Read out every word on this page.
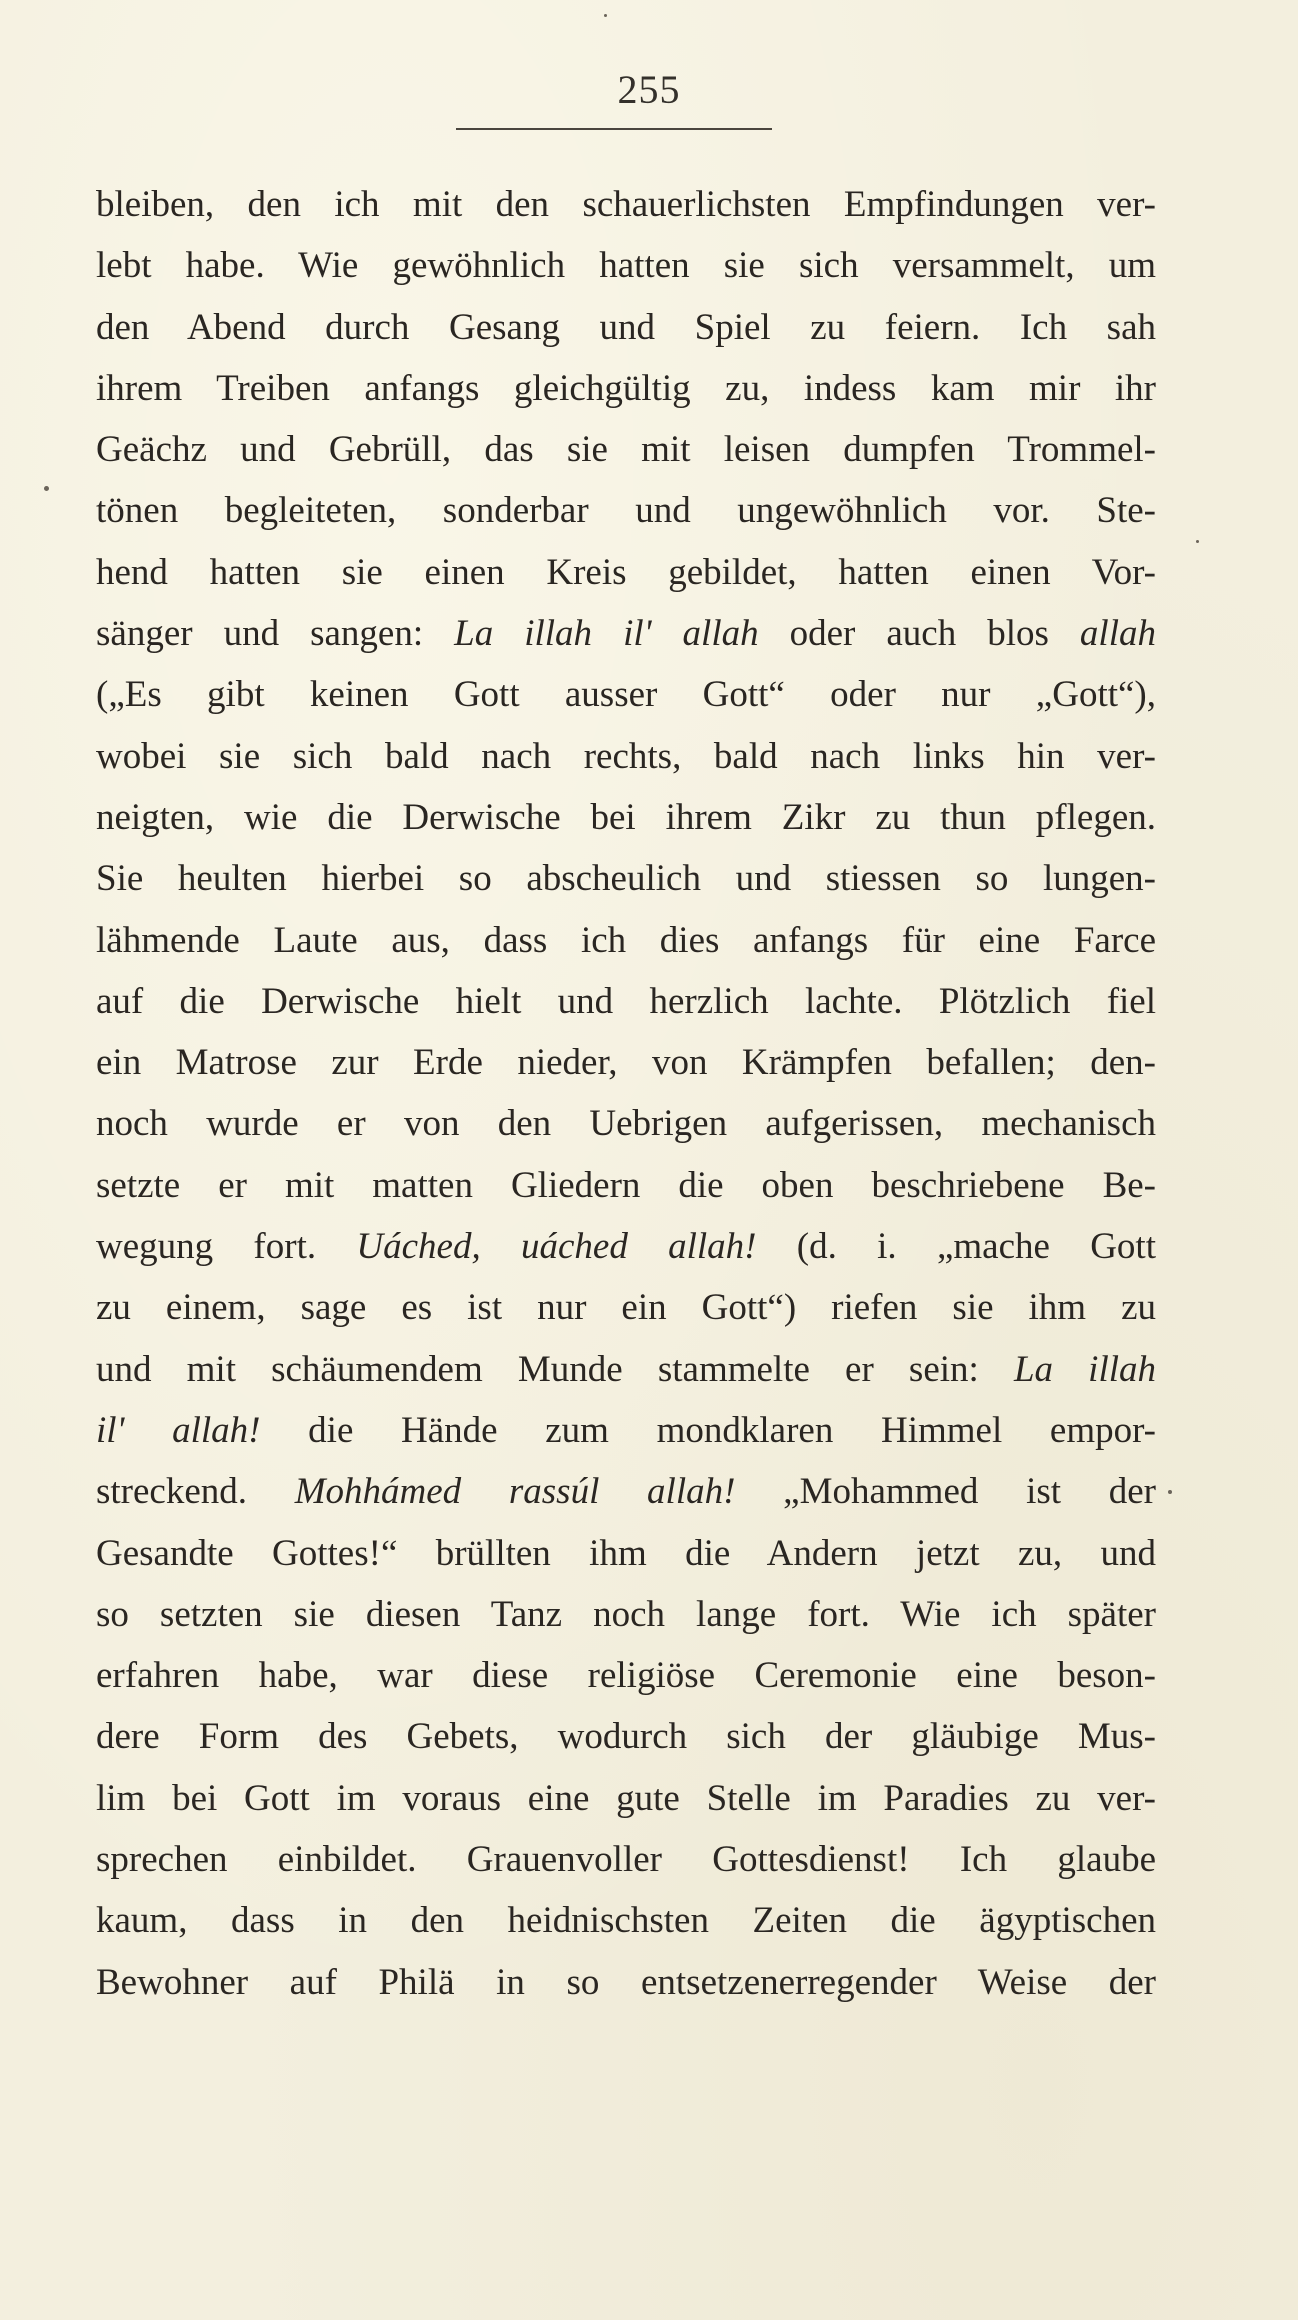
255
bleiben, den ich mit den schauerlichsten Empfindungen ver-
lebt habe. Wie gewöhnlich hatten sie sich versammelt, um
den Abend durch Gesang und Spiel zu feiern. Ich sah
ihrem Treiben anfangs gleichgültig zu, indess kam mir ihr
Geächz und Gebrüll, das sie mit leisen dumpfen Trommel-
tönen begleiteten, sonderbar und ungewöhnlich vor. Ste-
hend hatten sie einen Kreis gebildet, hatten einen Vor-
sänger und sangen: La illah il' allah oder auch blos allah
(„Es gibt keinen Gott ausser Gott“ oder nur „Gott“),
wobei sie sich bald nach rechts, bald nach links hin ver-
neigten, wie die Derwische bei ihrem Zikr zu thun pflegen.
Sie heulten hierbei so abscheulich und stiessen so lungen-
lähmende Laute aus, dass ich dies anfangs für eine Farce
auf die Derwische hielt und herzlich lachte. Plötzlich fiel
ein Matrose zur Erde nieder, von Krämpfen befallen; den-
noch wurde er von den Uebrigen aufgerissen, mechanisch
setzte er mit matten Gliedern die oben beschriebene Be-
wegung fort. Uáched, uáched allah! (d. i. „mache Gott
zu einem, sage es ist nur ein Gott“) riefen sie ihm zu
und mit schäumendem Munde stammelte er sein: La illah
il' allah! die Hände zum mondklaren Himmel empor-
streckend. Mohhámed rassúl allah! „Mohammed ist der
Gesandte Gottes!“ brüllten ihm die Andern jetzt zu, und
so setzten sie diesen Tanz noch lange fort. Wie ich später
erfahren habe, war diese religiöse Ceremonie eine beson-
dere Form des Gebets, wodurch sich der gläubige Mus-
lim bei Gott im voraus eine gute Stelle im Paradies zu ver-
sprechen einbildet. Grauenvoller Gottesdienst! Ich glaube
kaum, dass in den heidnischsten Zeiten die ägyptischen
Bewohner auf Philä in so entsetzenerregender Weise der
